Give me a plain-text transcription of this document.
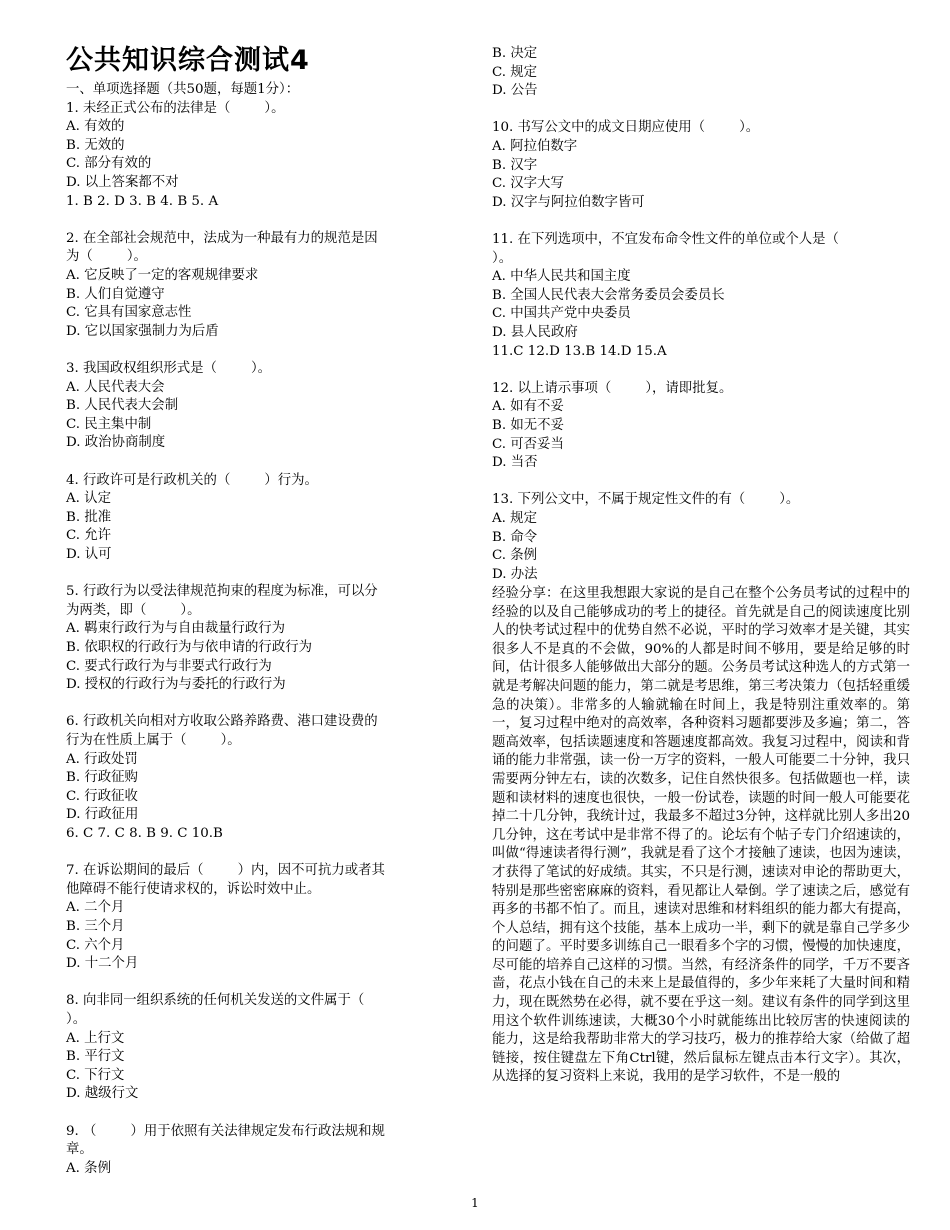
公共知识综合测试4
一、单项选择题（共50题，每题1分）：
1. 未经正式公布的法律是（        ）。
A. 有效的
B. 无效的
C. 部分有效的
D. 以上答案都不对
1. B 2. D 3. B 4. B 5. A
2. 在全部社会规范中，法成为一种最有力的规范是因
为（        ）。
A. 它反映了一定的客观规律要求
B. 人们自觉遵守
C. 它具有国家意志性
D. 它以国家强制力为后盾
3. 我国政权组织形式是（        ）。
A. 人民代表大会
B. 人民代表大会制
C. 民主集中制
D. 政治协商制度
4. 行政许可是行政机关的（        ）行为。
A. 认定
B. 批准
C. 允许
D. 认可
5. 行政行为以受法律规范拘束的程度为标准，可以分
为两类，即（        ）。
A. 羁束行政行为与自由裁量行政行为
B. 依职权的行政行为与依申请的行政行为
C. 要式行政行为与非要式行政行为
D. 授权的行政行为与委托的行政行为
6. 行政机关向相对方收取公路养路费、港口建设费的
行为在性质上属于（        ）。
A. 行政处罚
B. 行政征购
C. 行政征收
D. 行政征用
6. C 7. C 8. B 9. C 10.B
7. 在诉讼期间的最后（        ）内，因不可抗力或者其
他障碍不能行使请求权的，诉讼时效中止。
A. 二个月
B. 三个月
C. 六个月
D. 十二个月
8. 向非同一组织系统的任何机关发送的文件属于（
）。
A. 上行文
B. 平行文
C. 下行文
D. 越级行文
9. （        ）用于依照有关法律规定发布行政法规和规
章。
A. 条例
经验分享：在这里我想跟大家说的是自己在整个公务员考试的过程中的经验的以及自己能够成功的考上的捷径。首先就是自己的阅读速度比别人的快考试过程中的优势自然不必说，平时的学习效率才是关键，其实很多人不是真的不会做，90%的人都是时间不够用，要是给足够的时间，估计很多人能够做出大部分的题。公务员考试这种选人的方式第一就是考解决问题的能力，第二就是考思维，第三考决策力（包括轻重缓急的决策）。非常多的人输就输在时间上，我是特别注重效率的。第一，复习过程中绝对的高效率，各种资料习题都要涉及多遍；第二，答题高效率，包括读题速度和答题速度都高效。我复习过程中，阅读和背诵的能力非常强，读一份一万字的资料，一般人可能要二十分钟，我只需要两分钟左右，读的次数多，记住自然快很多。包括做题也一样，读题和读材料的速度也很快，一般一份试卷，读题的时间一般人可能要花掉二十几分钟，我统计过，我最多不超过3分钟，这样就比别人多出20几分钟，这在考试中是非常不得了的。论坛有个帖子专门介绍速读的，叫做“得速读者得行测”，我就是看了这个才接触了速读，也因为速读，才获得了笔试的好成绩。其实，不只是行测，速读对申论的帮助更大，特别是那些密密麻麻的资料，看见都让人晕倒。学了速读之后，感觉有再多的书都不怕了。而且，速读对思维和材料组织的能力都大有提高，个人总结，拥有这个技能，基本上成功一半，剩下的就是靠自己学多少的问题了。平时要多训练自己一眼看多个字的习惯，慢慢的加快速度，尽可能的培养自己这样的习惯。当然，有经济条件的同学，千万不要吝啬，花点小钱在自己的未来上是最值得的，多少年来耗了大量时间和精力，现在既然势在必得，就不要在乎这一刻。建议有条件的同学到这里用这个软件训练速读，大概30个小时就能练出比较厉害的快速阅读的能力，这是给我帮助非常大的学习技巧，极力的推荐给大家（给做了超链接，按住键盘左下角Ctrl键，然后鼠标左键点击本行文字）。其次，从选择的复习资料上来说，我用的是学习软件，不是一般的
B. 决定
C. 规定
D. 公告
10. 书写公文中的成文日期应使用（        ）。
A. 阿拉伯数字
B. 汉字
C. 汉字大写
D. 汉字与阿拉伯数字皆可
11. 在下列选项中，不宜发布命令性文件的单位或个人是（
）。
A. 中华人民共和国主度
B. 全国人民代表大会常务委员会委员长
C. 中国共产党中央委员
D. 县人民政府
11.C 12.D 13.B 14.D 15.A
12. 以上请示事项（        ），请即批复。
A. 如有不妥
B. 如无不妥
C. 可否妥当
D. 当否
13. 下列公文中，不属于规定性文件的有（        ）。
A. 规定
B. 命令
C. 条例
D. 办法
1
